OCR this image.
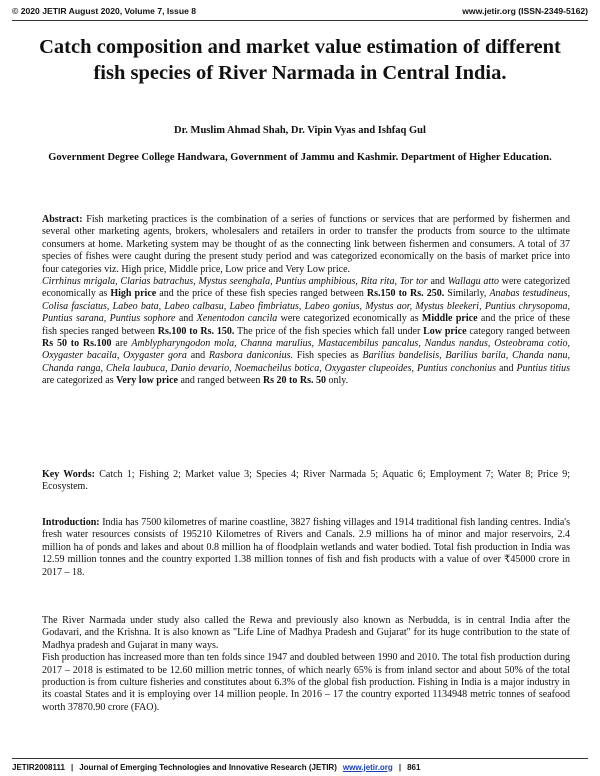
© 2020 JETIR August 2020, Volume 7, Issue 8	www.jetir.org (ISSN-2349-5162)
Catch composition and market value estimation of different fish species of River Narmada in Central India.
Dr. Muslim Ahmad Shah, Dr. Vipin Vyas and Ishfaq Gul
Government Degree College Handwara, Government of Jammu and Kashmir. Department of Higher Education.

Abstract: Fish marketing practices is the combination of a series of functions or services that are performed by fishermen and several other marketing agents, brokers, wholesalers and retailers in order to transfer the products from source to the ultimate consumers at home. Marketing system may be thought of as the connecting link between fishermen and consumers. A total of 37 species of fishes were caught during the present study period and was categorized economically on the basis of market price into four categories viz. High price, Middle price, Low price and Very Low price.

Cirrhinus mrigala, Clarias batrachus, Mystus seenghala, Puntius amphibious, Rita rita, Tor tor and Wallagu atto were categorized economically as High price and the price of these fish species ranged between Rs.150 to Rs. 250. Similarly, Anabas testudineus, Colisa fasciatus, Labeo bata, Labeo calbasu, Labeo fimbriatus, Labeo gonius, Mystus aor, Mystus bleekeri, Puntius chrysopoma, Puntius sarana, Puntius sophore and Xenentodon cancila were categorized economically as Middle price and the price of these fish species ranged between Rs.100 to Rs. 150. The price of the fish species which fall under Low price category ranged between Rs 50 to Rs.100 are Amblypharyngodon mola, Channa marulius, Mastacembilus pancalus, Nandus nandus, Osteobrama cotio, Oxygaster bacaila, Oxygaster gora and Rasbora daniconius. Fish species as Barilius bandelisis, Barilius barila, Chanda nanu, Chanda ranga, Chela laubuca, Danio devario, Noemacheilus botica, Oxygaster clupeoides, Puntius conchonius and Puntius titius are categorized as Very low price and ranged between Rs 20 to Rs. 50 only.

Key Words: Catch 1; Fishing 2; Market value 3; Species 4; River Narmada 5; Aquatic 6; Employment 7; Water 8; Price 9; Ecosystem.

Introduction: India has 7500 kilometres of marine coastline, 3827 fishing villages and 1914 traditional fish landing centres. India's fresh water resources consists of 195210 Kilometres of Rivers and Canals. 2.9 millions ha of minor and major reservoirs, 2.4 million ha of ponds and lakes and about 0.8 million ha of floodplain wetlands and water bodied. Total fish production in India was 12.59 million tonnes and the country exported 1.38 million tonnes of fish and fish products with a value of over ₹45000 crore in 2017 – 18.

The River Narmada under study also called the Rewa and previously also known as Nerbudda, is in central India after the Godavari, and the Krishna. It is also known as "Life Line of Madhya Pradesh and Gujarat" for its huge contribution to the state of Madhya pradesh and Gujarat in many ways.

Fish production has increased more than ten folds since 1947 and doubled between 1990 and 2010. The total fish production during 2017 – 2018 is estimated to be 12.60 million metric tonnes, of which nearly 65% is from inland sector and about 50% of the total production is from culture fisheries and constitutes about 6.3% of the global fish production. Fishing in India is a major industry in its coastal States and it is employing over 14 million people. In 2016 – 17 the country exported 1134948 metric tonnes of seafood worth 37870.90 crore (FAO).

JETIR2008111 | Journal of Emerging Technologies and Innovative Research (JETIR) www.jetir.org | 861
